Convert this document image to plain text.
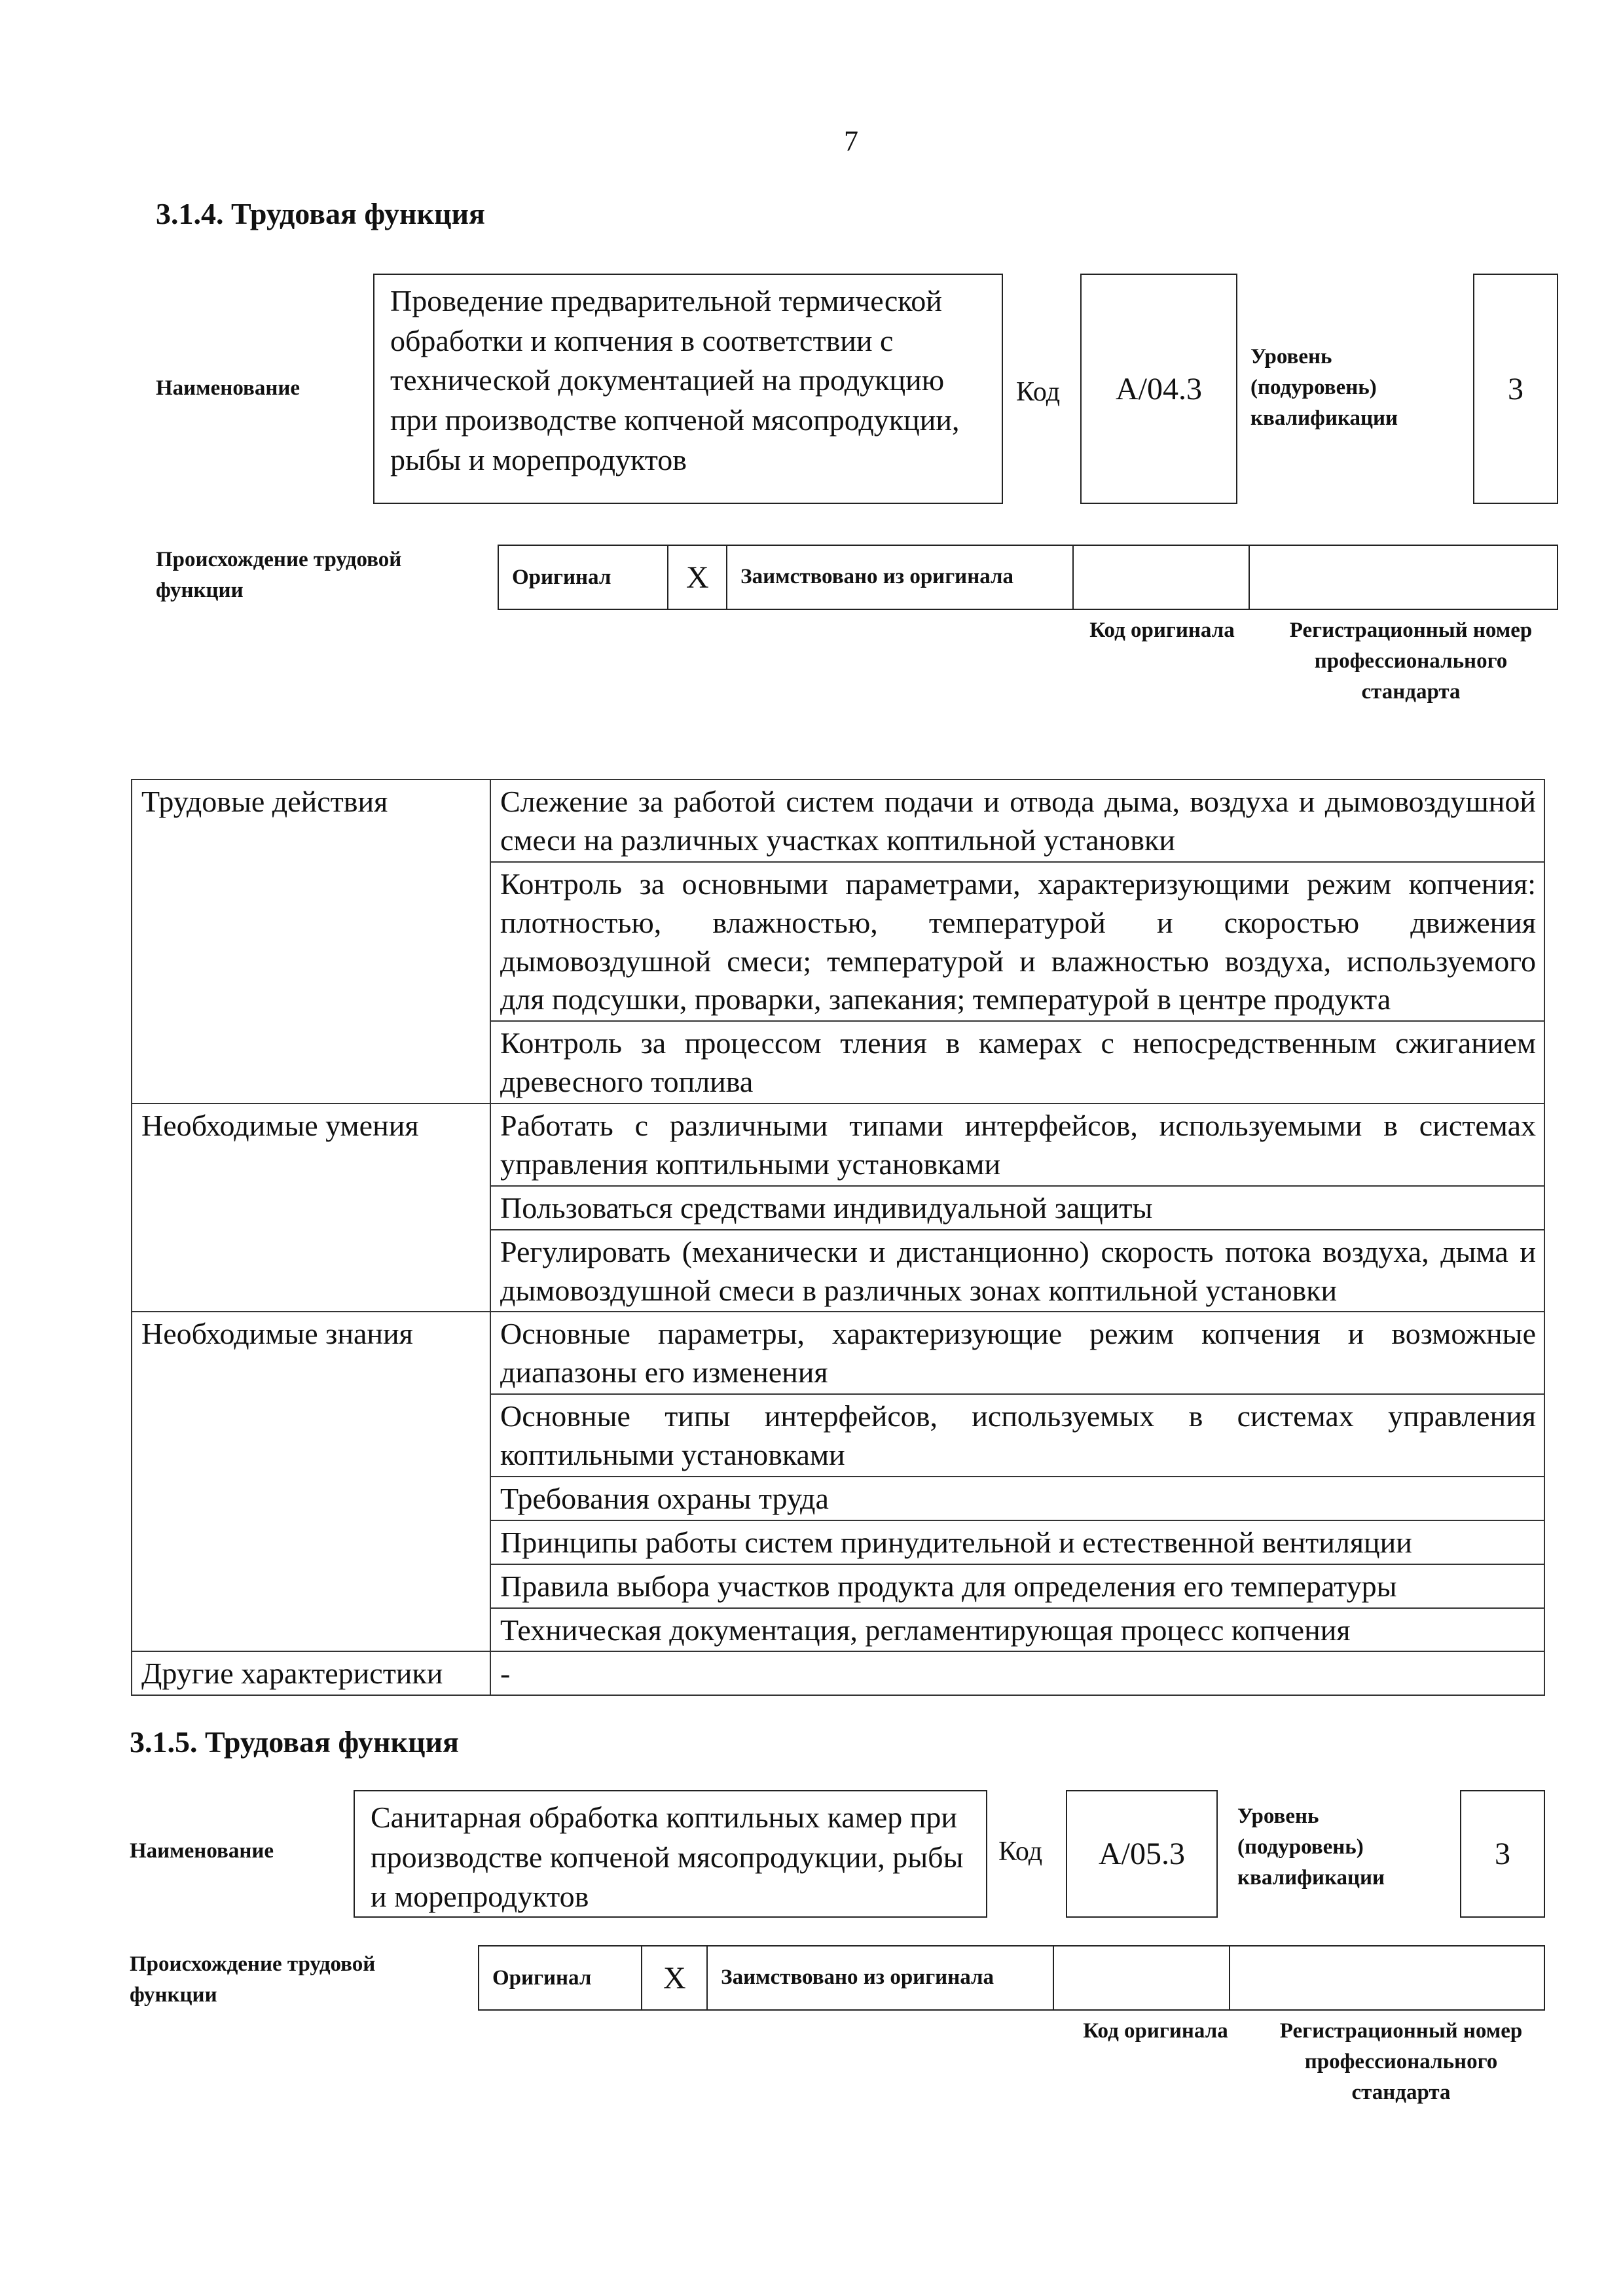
7
3.1.4. Трудовая функция
Наименование
Проведение предварительной термической обработки и копчения в соответствии с технической документацией на продукцию при производстве копченой мясопродукции, рыбы и морепродуктов
Код A/04.3
Уровень (подуровень) квалификации
3
Происхождение трудовой функции
Оригинал X Заимствовано из оригинала
Код оригинала	Регистрационный номер профессионального стандарта
Трудовые действия	Слежение за работой систем подачи и отвода дыма, воздуха и дымовоздушной смеси на различных участках коптильной установки
	Контроль за основными параметрами, характеризующими режим копчения: плотностью, влажностью, температурой и скоростью движения дымовоздушной смеси; температурой и влажностью воздуха, используемого для подсушки, проварки, запекания; температурой в центре продукта
	Контроль за процессом тления в камерах с непосредственным сжиганием древесного топлива
Необходимые умения	Работать с различными типами интерфейсов, используемыми в системах управления коптильными установками
	Пользоваться средствами индивидуальной защиты
	Регулировать (механически и дистанционно) скорость потока воздуха, дыма и дымовоздушной смеси в различных зонах коптильной установки
Необходимые знания	Основные параметры, характеризующие режим копчения и возможные диапазоны его изменения
	Основные типы интерфейсов, используемых в системах управления коптильными установками
	Требования охраны труда
	Принципы работы систем принудительной и естественной вентиляции
	Правила выбора участков продукта для определения его температуры
	Техническая документация, регламентирующая процесс копчения
Другие характеристики	-
3.1.5. Трудовая функция
Наименование
Санитарная обработка коптильных камер при производстве копченой мясопродукции, рыбы и морепродуктов
Код A/05.3
Уровень (подуровень) квалификации
3
Происхождение трудовой функции
Оригинал X Заимствовано из оригинала
Код оригинала	Регистрационный номер профессионального стандарта
